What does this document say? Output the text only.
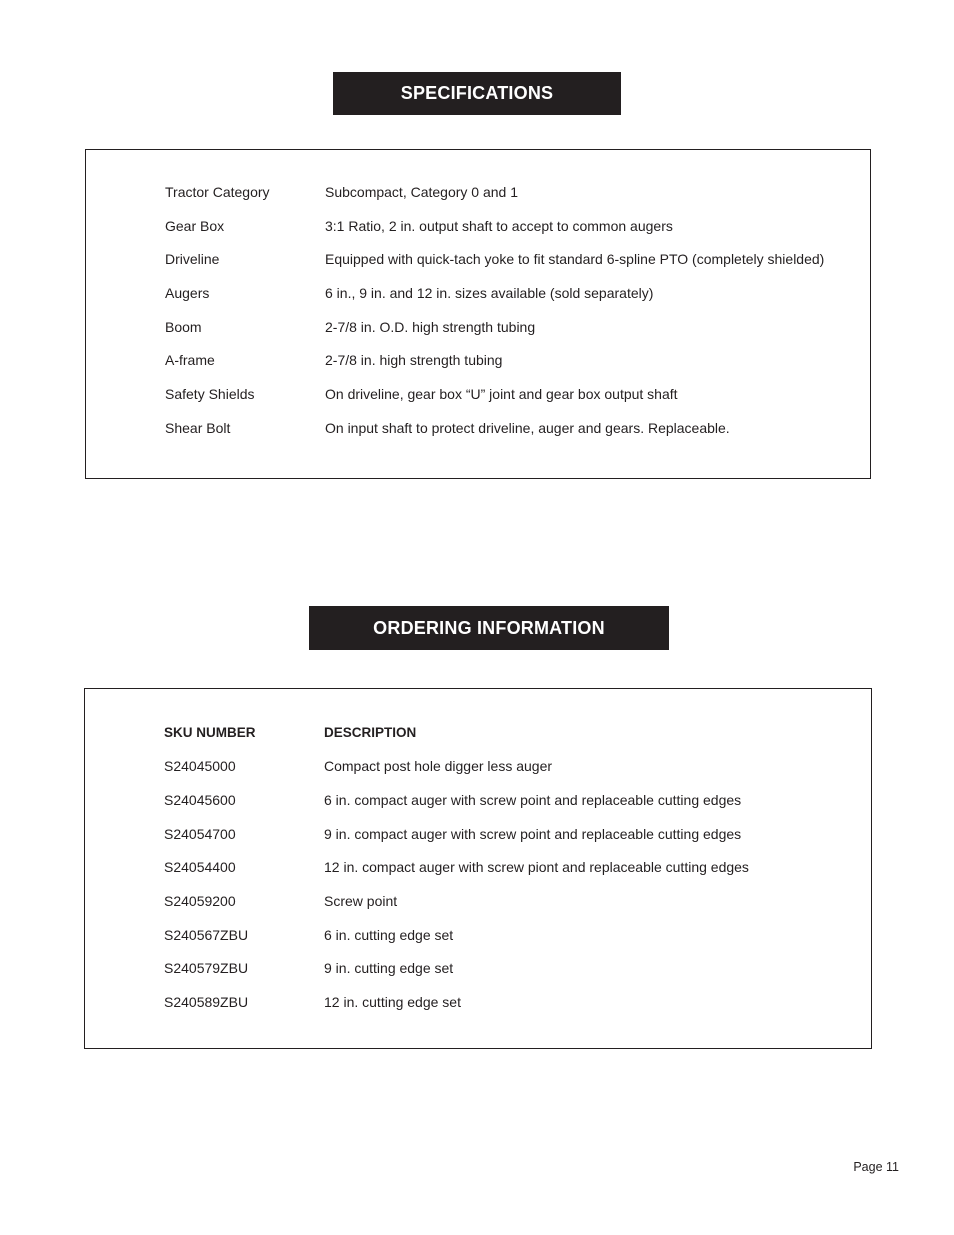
SPECIFICATIONS
Tractor Category	Subcompact, Category 0 and 1
Gear Box	3:1 Ratio, 2 in. output shaft to accept to common augers
Driveline	Equipped with quick-tach yoke to fit standard 6-spline PTO (completely shielded)
Augers	6 in., 9 in. and 12 in. sizes available (sold separately)
Boom	2-7/8 in. O.D. high strength tubing
A-frame	2-7/8 in. high strength tubing
Safety Shields	On driveline, gear box “U” joint and gear box output shaft
Shear Bolt	On input shaft to protect driveline, auger and gears. Replaceable.
ORDERING INFORMATION
SKU NUMBER	DESCRIPTION
S24045000	Compact post hole digger less auger
S24045600	6 in. compact auger with screw point and replaceable cutting edges
S24054700	9 in. compact auger with screw point and replaceable cutting edges
S24054400	12 in. compact auger with screw piont and replaceable cutting edges
S24059200	Screw point
S240567ZBU	6 in. cutting edge set
S240579ZBU	9 in. cutting edge set
S240589ZBU	12 in. cutting edge set
Page 11
